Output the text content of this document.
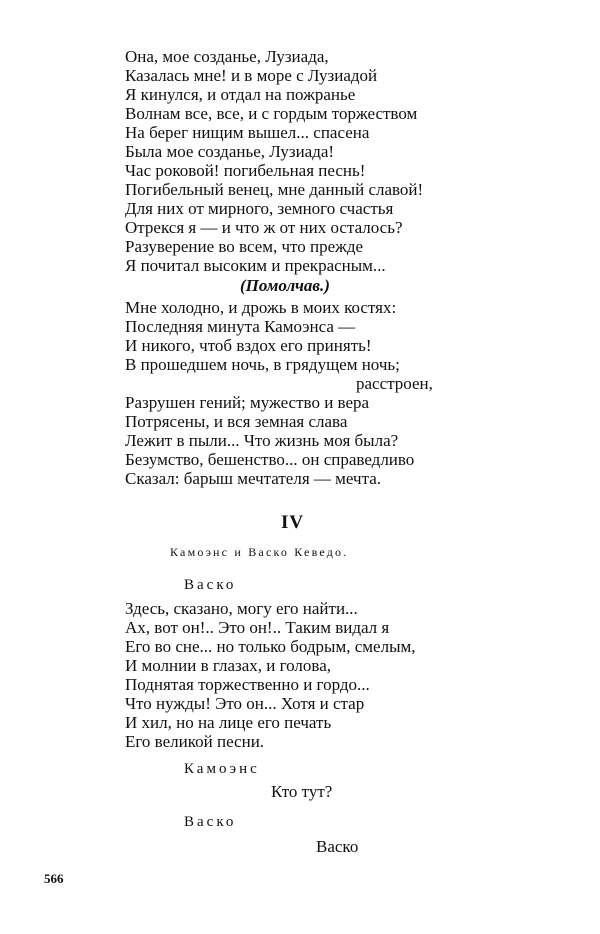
Она, мое созданье, Лузиада,
Казалась мне! и в море с Лузиадой
Я кинулся, и отдал на пожранье
Волнам все, все, и с гордым торжеством
На берег нищим вышел... спасена
Была мое созданье, Лузиада!
Час роковой! погибельная песнь!
Погибельный венец, мне данный славой!
Для них от мирного, земного счастья
Отрекся я — и что ж от них осталось?
Разуверение во всем, что прежде
Я почитал высоким и прекрасным...
(Помолчав.)
Мне холодно, и дрожь в моих костях:
Последняя минута Камоэнса —
И никого, чтоб вздох его принять!
В прошедшем ночь, в грядущем ночь;
расстроен,
Разрушен гений; мужество и вера
Потрясены, и вся земная слава
Лежит в пыли... Что жизнь моя была?
Безумство, бешенство... он справедливо
Сказал: барыш мечтателя — мечта.
IV
Камоэнс и Васко Кеведо.
Васко
Здесь, сказано, могу его найти...
Ах, вот он!.. Это он!.. Таким видал я
Его во сне... но только бодрым, смелым,
И молнии в глазах, и голова,
Поднятая торжественно и гордо...
Что нужды! Это он... Хотя и стар
И хил, но на лице его печать
Его великой песни.
Камоэнс
Кто тут?
Васко
Васко
566
